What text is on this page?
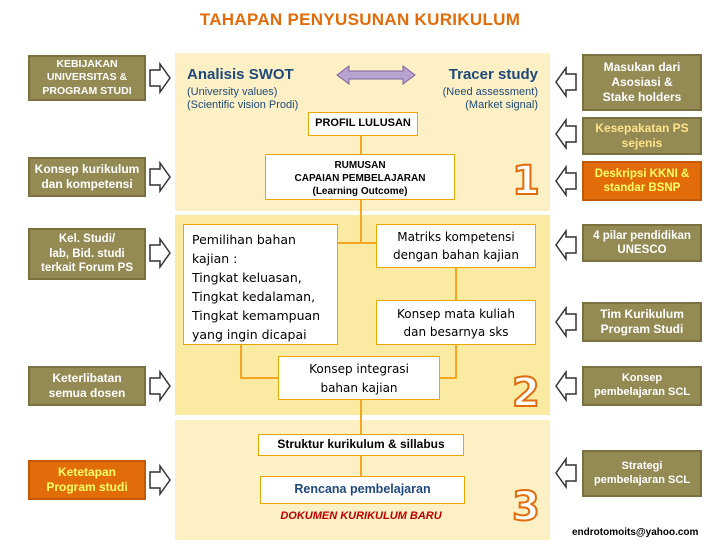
TAHAPAN PENYUSUNAN KURIKULUM
KEBIJAKAN
UNIVERSITAS &
PROGRAM STUDI
Konsep kurikulum
dan kompetensi
Kel. Studi/
lab, Bid. studi
terkait Forum PS
Keterlibatan
semua dosen
Ketetapan
Program studi
Masukan dari
Asosiasi &
Stake holders
Kesepakatan PS
sejenis
Deskripsi KKNI &
standar BSNP
4 pilar pendidikan
UNESCO
Tim Kurikulum
Program Studi
Konsep
pembelajaran SCL
Strategi
pembelajaran SCL
Analisis SWOT
(University values)
(Scientific vision Prodi)
Tracer study
(Need assessment)
(Market signal)
PROFIL LULUSAN
RUMUSAN
CAPAIAN PEMBELAJARAN
(Learning Outcome)
Pemilihan bahan
kajian :
Tingkat keluasan,
Tingkat kedalaman,
Tingkat kemampuan
yang ingin dicapai
Matriks kompetensi
dengan bahan kajian
Konsep mata kuliah
dan besarnya sks
Konsep integrasi
bahan kajian
Struktur kurikulum & sillabus
Rencana pembelajaran
DOKUMEN KURIKULUM BARU
1
2
3
endrotomoits@yahoo.com
